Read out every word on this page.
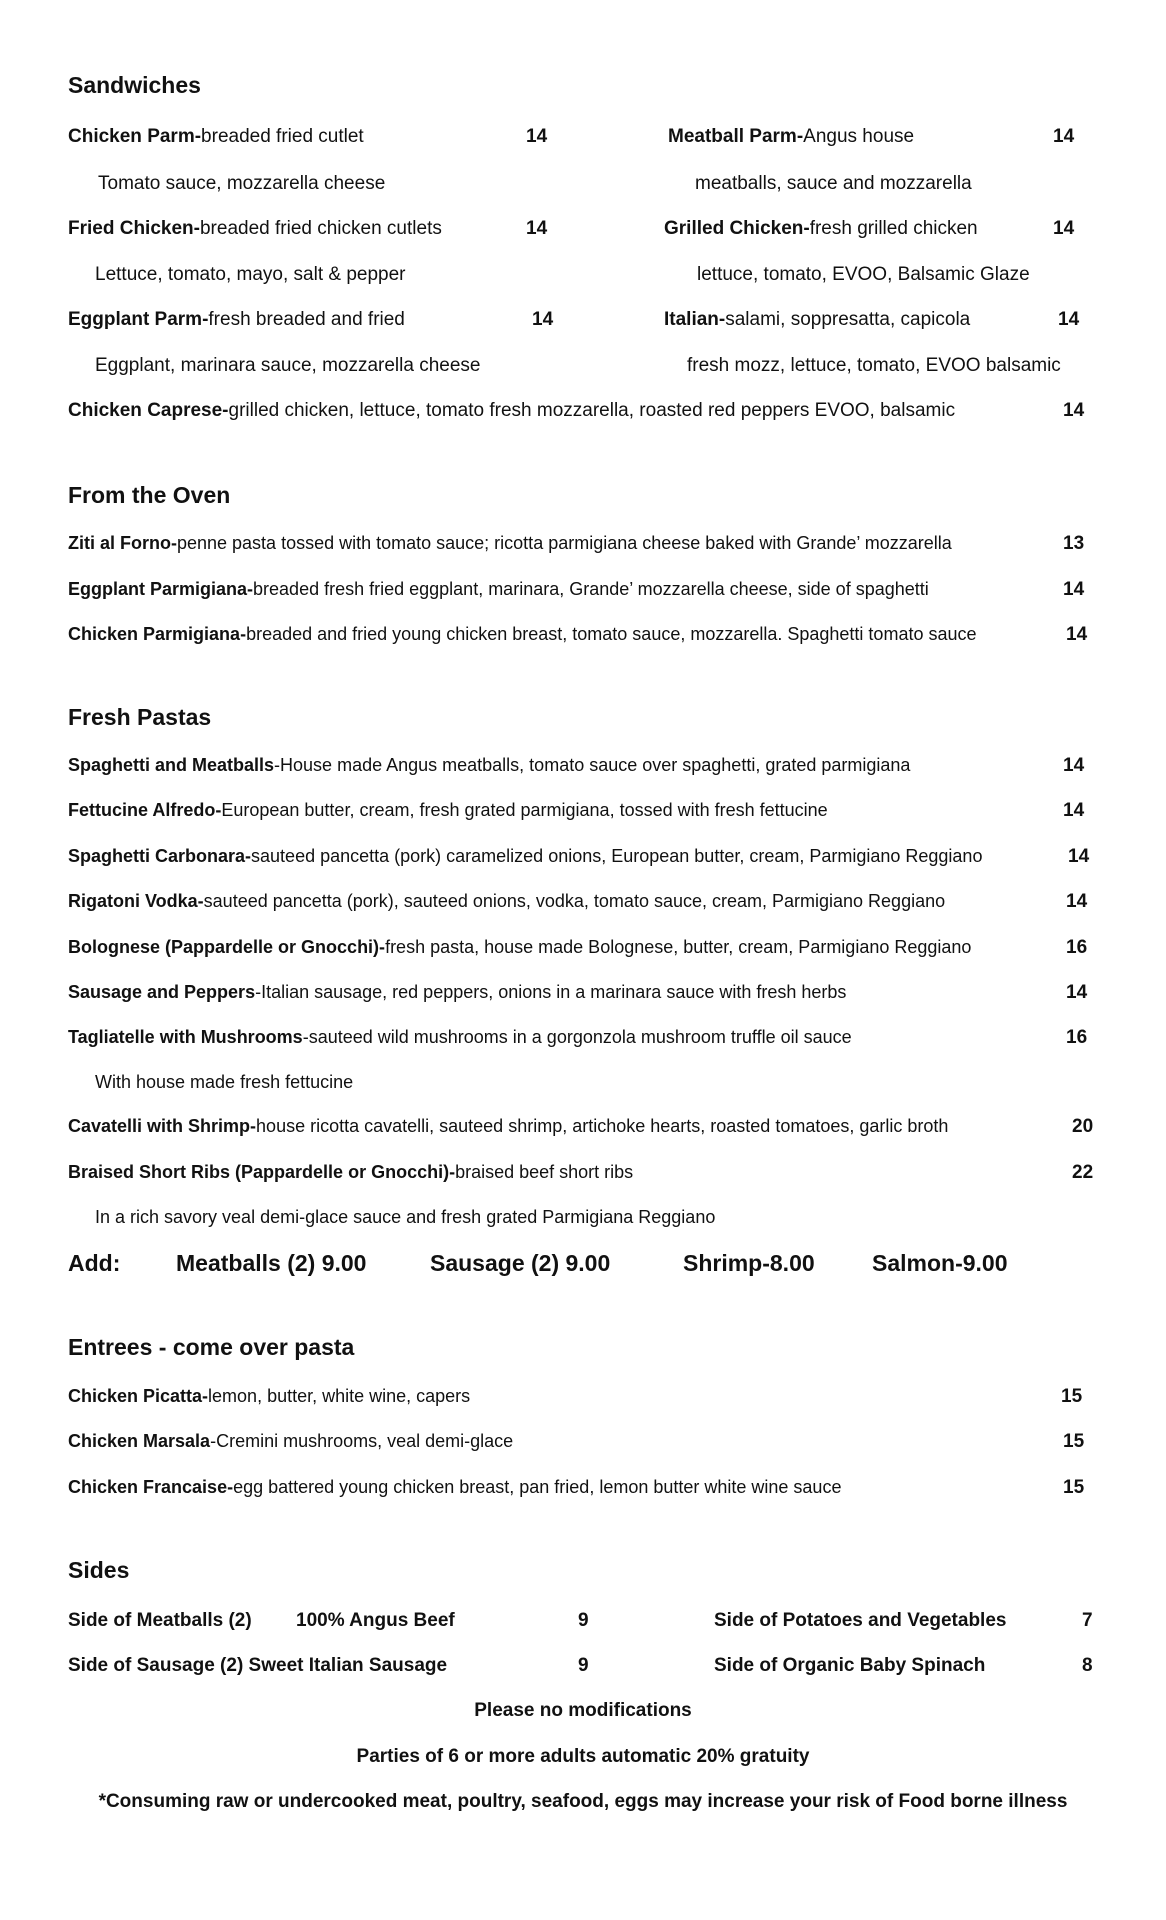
Sandwiches
Chicken Parm-breaded fried cutlet	14
Tomato sauce, mozzarella cheese
Fried Chicken-breaded fried chicken cutlets	14
Lettuce, tomato, mayo, salt & pepper
Eggplant Parm-fresh breaded and fried	14
Eggplant, marinara sauce, mozzarella cheese
Meatball Parm-Angus house	14
meatballs, sauce and mozzarella
Grilled Chicken-fresh grilled chicken	14
lettuce, tomato, EVOO, Balsamic Glaze
Italian-salami, soppresatta, capicola	14
fresh mozz, lettuce, tomato, EVOO balsamic
Chicken Caprese-grilled chicken, lettuce, tomato fresh mozzarella, roasted red peppers EVOO, balsamic	14
From the Oven
Ziti al Forno-penne pasta tossed with tomato sauce; ricotta parmigiana cheese baked with Grande’ mozzarella	13
Eggplant Parmigiana-breaded fresh fried eggplant, marinara, Grande’ mozzarella cheese, side of spaghetti	14
Chicken Parmigiana-breaded and fried young chicken breast, tomato sauce, mozzarella. Spaghetti tomato sauce	14
Fresh Pastas
Spaghetti and Meatballs-House made Angus meatballs, tomato sauce over spaghetti, grated parmigiana	14
Fettucine Alfredo-European butter, cream, fresh grated parmigiana, tossed with fresh fettucine	14
Spaghetti Carbonara-sauteed pancetta (pork) caramelized onions, European butter, cream, Parmigiano Reggiano	14
Rigatoni Vodka-sauteed pancetta (pork), sauteed onions, vodka, tomato sauce, cream, Parmigiano Reggiano	14
Bolognese (Pappardelle or Gnocchi)-fresh pasta, house made Bolognese, butter, cream, Parmigiano Reggiano	16
Sausage and Peppers-Italian sausage, red peppers, onions in a marinara sauce with fresh herbs	14
Tagliatelle with Mushrooms-sauteed wild mushrooms in a gorgonzola mushroom truffle oil sauce	16
With house made fresh fettucine
Cavatelli with Shrimp-house ricotta cavatelli, sauteed shrimp, artichoke hearts, roasted tomatoes, garlic broth	20
Braised Short Ribs (Pappardelle or Gnocchi)-braised beef short ribs	22
In a rich savory veal demi-glace sauce and fresh grated Parmigiana Reggiano
Add: Meatballs (2) 9.00	Sausage (2) 9.00	Shrimp-8.00 Salmon-9.00
Entrees - come over pasta
Chicken Picatta-lemon, butter, white wine, capers	15
Chicken Marsala-Cremini mushrooms, veal demi-glace	15
Chicken Francaise-egg battered young chicken breast, pan fried, lemon butter white wine sauce	15
Sides
Side of Meatballs (2) 100% Angus Beef	9
Side of Sausage (2) Sweet Italian Sausage	9
Side of Potatoes and Vegetables	7
Side of Organic Baby Spinach	8
Please no modifications
Parties of 6 or more adults automatic 20% gratuity
*Consuming raw or undercooked meat, poultry, seafood, eggs may increase your risk of Food borne illness
